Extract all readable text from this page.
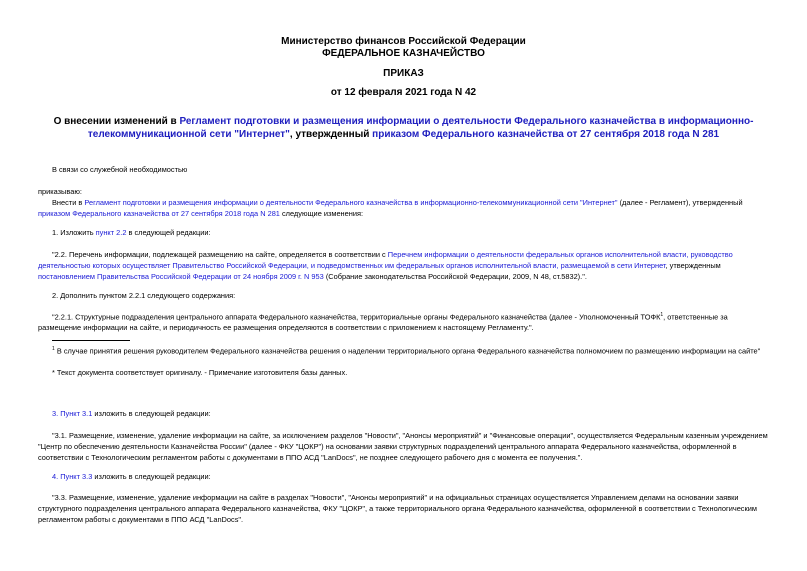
Министерство финансов Российской Федерации
ФЕДЕРАЛЬНОЕ КАЗНАЧЕЙСТВО
ПРИКАЗ
от 12 февраля 2021 года N 42
О внесении изменений в Регламент подготовки и размещения информации о деятельности Федерального казначейства в информационно-телекоммуникационной сети "Интернет", утвержденный приказом Федерального казначейства от 27 сентября 2018 года N 281
В связи со служебной необходимостью
приказываю:
Внести в Регламент подготовки и размещения информации о деятельности Федерального казначейства в информационно-телекоммуникационной сети "Интернет" (далее - Регламент), утвержденный приказом Федерального казначейства от 27 сентября 2018 года N 281 следующие изменения:
1. Изложить пункт 2.2 в следующей редакции:
"2.2. Перечень информации, подлежащей размещению на сайте, определяется в соответствии с Перечнем информации о деятельности федеральных органов исполнительной власти, руководство деятельностью которых осуществляет Правительство Российской Федерации, и подведомственных им федеральных органов исполнительной власти, размещаемой в сети Интернет, утвержденным постановлением Правительства Российской Федерации от 24 ноября 2009 г. N 953 (Собрание законодательства Российской Федерации, 2009, N 48, ст.5832).".
2. Дополнить пунктом 2.2.1 следующего содержания:
"2.2.1. Структурные подразделения центрального аппарата Федерального казначейства, территориальные органы Федерального казначейства (далее - Уполномоченный ТОФК$^1$, ответственные за размещение информации на сайте, и периодичность ее размещения определяются в соответствии с приложением к настоящему Регламенту.".
$^1$ В случае принятия решения руководителем Федерального казначейства решения о наделении территориального органа Федерального казначейства полномочием по размещению информации на сайте"
* Текст документа соответствует оригиналу. - Примечание изготовителя базы данных.
3. Пункт 3.1 изложить в следующей редакции:
"3.1. Размещение, изменение, удаление информации на сайте, за исключением разделов "Новости", "Анонсы мероприятий" и "Финансовые операции", осуществляется Федеральным казенным учреждением "Центр по обеспечению деятельности Казначейства России" (далее - ФКУ "ЦОКР") на основании заявки структурных подразделений центрального аппарата Федерального казначейства, оформленной в соответствии с Технологическим регламентом работы с документами в ППО АСД "LanDocs", не позднее следующего рабочего дня с момента ее получения.".
4. Пункт 3.3 изложить в следующей редакции:
"3.3. Размещение, изменение, удаление информации на сайте в разделах "Новости", "Анонсы мероприятий" и на официальных страницах осуществляется Управлением делами на основании заявки структурного подразделения центрального аппарата Федерального казначейства, ФКУ "ЦОКР", а также территориального органа Федерального казначейства, оформленной в соответствии с Технологическим регламентом работы с документами в ППО АСД "LanDocs".
